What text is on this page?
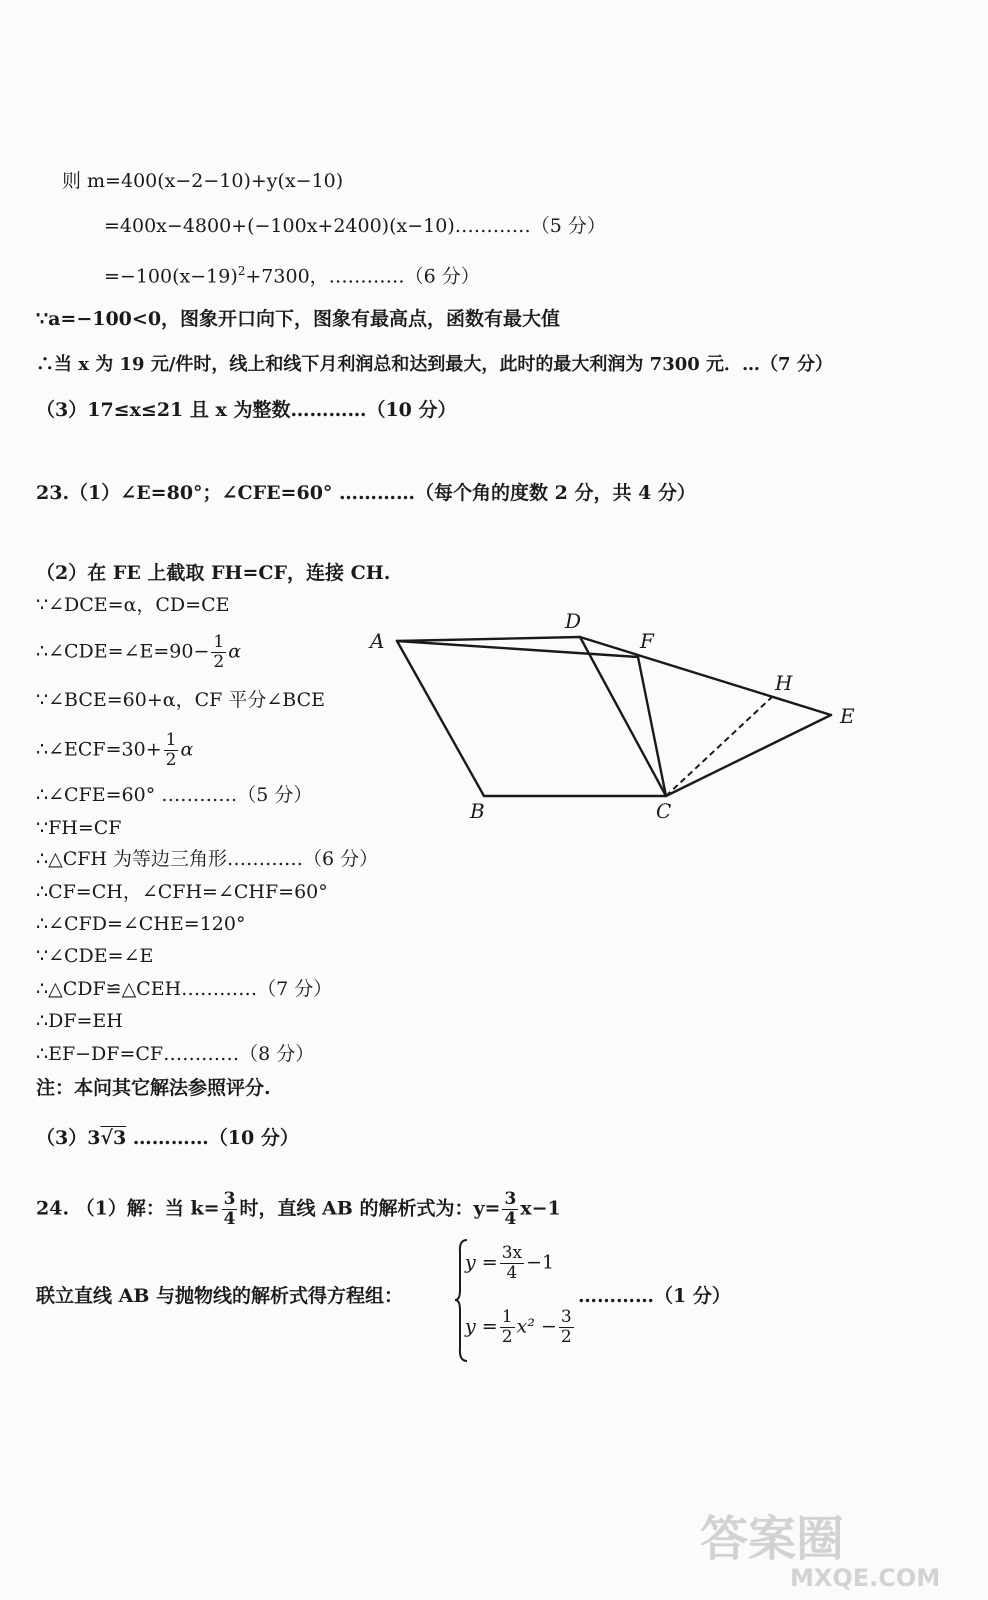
则 m=400(x−2−10)+y(x−10)
=400x−4800+(−100x+2400)(x−10)…………（5 分）
$=-100(x-19)^2+7300$，…………（6 分）
∵a=−100<0，图象开口向下，图象有最高点，函数有最大值
∴当 x 为 19 元/件时，线上和线下月利润总和达到最大，此时的最大利润为 7300 元．…（7 分）
（3）17≤x≤21 且 x 为整数…………（10 分）
23.（1）∠E=80°；∠CFE=60° …………（每个角的度数 2 分，共 4 分）
（2）在 FE 上截取 FH=CF，连接 CH.
∵∠DCE=α，CD=CE
∴∠CDE=∠E=90− $\frac{1}{2}$ α
∵∠BCE=60+α，CF 平分∠BCE
∴∠ECF=30+ $\frac{1}{2}$ α
∴∠CFE=60° …………（5 分）
∵FH=CF
∴△CFH 为等边三角形…………（6 分）
∴CF=CH，∠CFH=∠CHF=60°
∴∠CFD=∠CHE=120°
∵∠CDE=∠E
∴△CDF≌△CEH…………（7 分）
∴DF=EH
∴EF−DF=CF…………（8 分）
注：本问其它解法参照评分.
（3）3√3 …………（10 分）
A
B	C
D
E
F
H
24. （1）解：当 $k= \frac{3}{4}$ 时，直线 AB 的解析式为：$y= \frac{3}{4} x-1$
联立直线 AB 与抛物线的解析式得方程组：	…………（1 分）
$y = \frac{3x}{4} -1$
$y = \frac{1}{2} x^2 - \frac{3}{2}$
答案圈
MXQE.COM
